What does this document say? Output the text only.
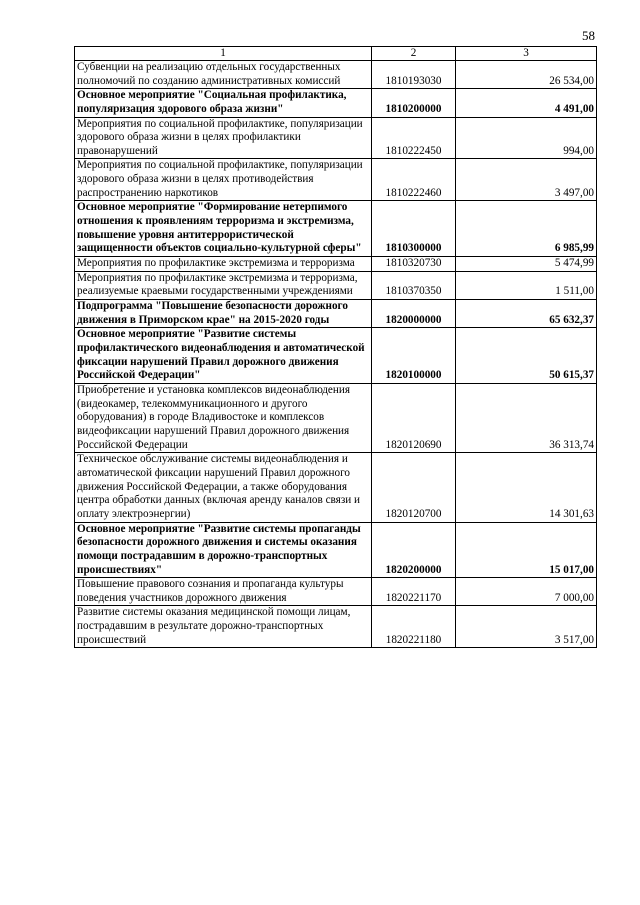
58
1	2	3
Субвенции на реализацию отдельных государственных полномочий по созданию административных комиссий	1810193030	26 534,00
Основное мероприятие "Социальная профилактика, популяризация здорового образа жизни"	1810200000	4 491,00
Мероприятия по социальной профилактике, популяризации здорового образа жизни в целях профилактики правонарушений	1810222450	994,00
Мероприятия по социальной профилактике, популяризации здорового образа жизни в целях противодействия распространению наркотиков	1810222460	3 497,00
Основное мероприятие "Формирование нетерпимого отношения к проявлениям терроризма и экстремизма, повышение уровня антитеррористической защищенности объектов социально-культурной сферы"	1810300000	6 985,99
Мероприятия по профилактике экстремизма и терроризма	1810320730	5 474,99
Мероприятия по профилактике экстремизма и терроризма, реализуемые краевыми государственными учреждениями	1810370350	1 511,00
Подпрограмма "Повышение безопасности дорожного движения в Приморском крае" на 2015-2020 годы	1820000000	65 632,37
Основное мероприятие "Развитие системы профилактического видеонаблюдения и автоматической фиксации нарушений Правил дорожного движения Российской Федерации"	1820100000	50 615,37
Приобретение и установка комплексов видеонаблюдения (видеокамер, телекоммуникационного и другого оборудования) в городе Владивостоке и комплексов видеофиксации нарушений Правил дорожного движения Российской Федерации	1820120690	36 313,74
Техническое обслуживание системы видеонаблюдения и автоматической фиксации нарушений Правил дорожного движения Российской Федерации, а также оборудования центра обработки данных (включая аренду каналов связи и оплату электроэнергии)	1820120700	14 301,63
Основное мероприятие "Развитие системы пропаганды безопасности дорожного движения и системы оказания помощи пострадавшим в дорожно-транспортных происшествиях"	1820200000	15 017,00
Повышение правового сознания и пропаганда культуры поведения участников дорожного движения	1820221170	7 000,00
Развитие системы оказания медицинской помощи лицам, пострадавшим в результате дорожно-транспортных происшествий	1820221180	3 517,00
